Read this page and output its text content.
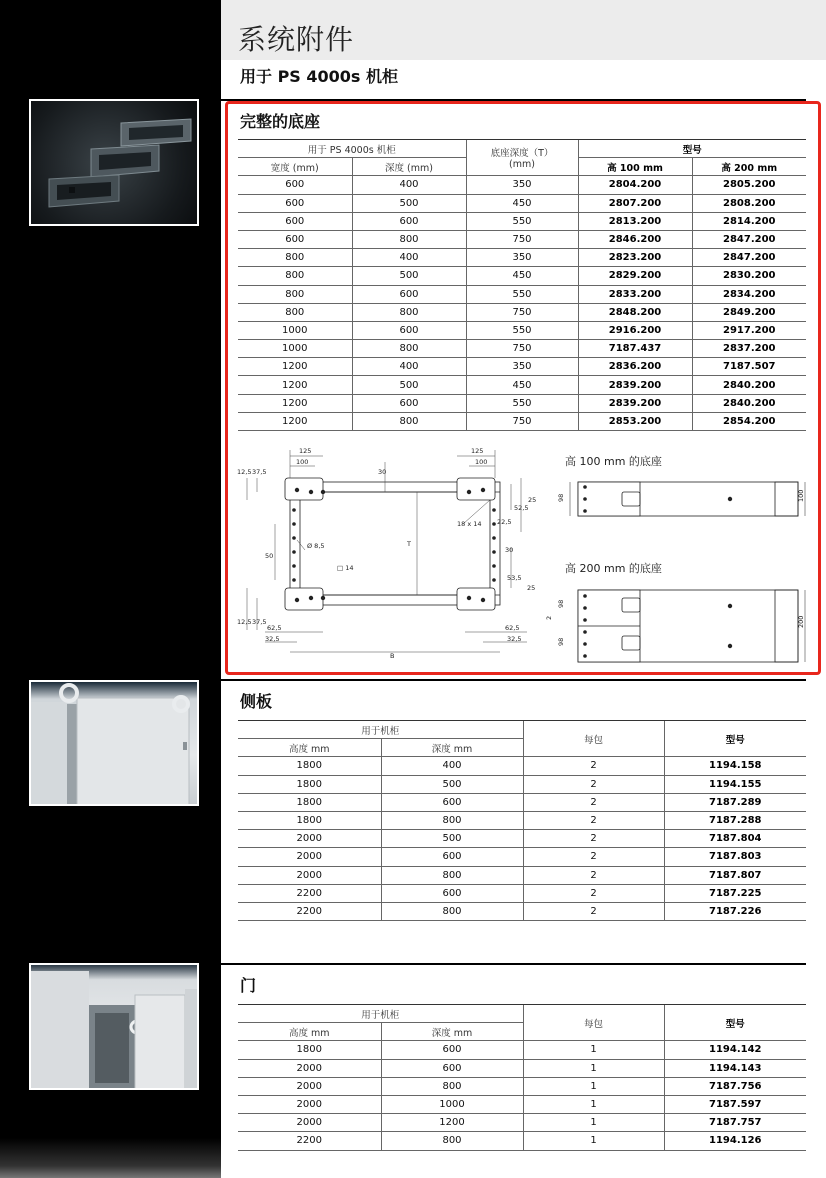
系统附件
用于 PS 4000s 机柜
完整的底座
用于 PS 4000s 机柜		底座深度（T）
(mm)	型号	
宽度 (mm)	深度 (mm)		高 100 mm	高 200 mm
600	400	350	2804.200	2805.200
600	500	450	2807.200	2808.200
600	600	550	2813.200	2814.200
600	800	750	2846.200	2847.200
800	400	350	2823.200	2847.200
800	500	450	2829.200	2830.200
800	600	550	2833.200	2834.200
800	800	750	2848.200	2849.200
1000	600	550	2916.200	2917.200
1000	800	750	7187.437	2837.200
1200	400	350	2836.200	7187.507
1200	500	450	2839.200	2840.200
1200	600	550	2839.200	2840.200
1200	800	750	2853.200	2854.200
高 100 mm 的底座
高 200 mm 的底座
125
100
125
100
30
12,5 37,5
25
52,5
22,5
18 x 14
30
50
Ø 8,5
□ 14
T
53,5
25
12,5 37,5
62,5
32,5
62,5
32,5
B
98	100
98
2
98
200
侧板
用于机柜		每包	型号
高度 mm	深度 mm		
1800	400	2	1194.158
1800	500	2	1194.155
1800	600	2	7187.289
1800	800	2	7187.288
2000	500	2	7187.804
2000	600	2	7187.803
2000	800	2	7187.807
2200	600	2	7187.225
2200	800	2	7187.226
门
用于机柜		每包	型号
高度 mm	深度 mm		
1800	600	1	1194.142
2000	600	1	1194.143
2000	800	1	7187.756
2000	1000	1	7187.597
2000	1200	1	7187.757
2200	800	1	1194.126
